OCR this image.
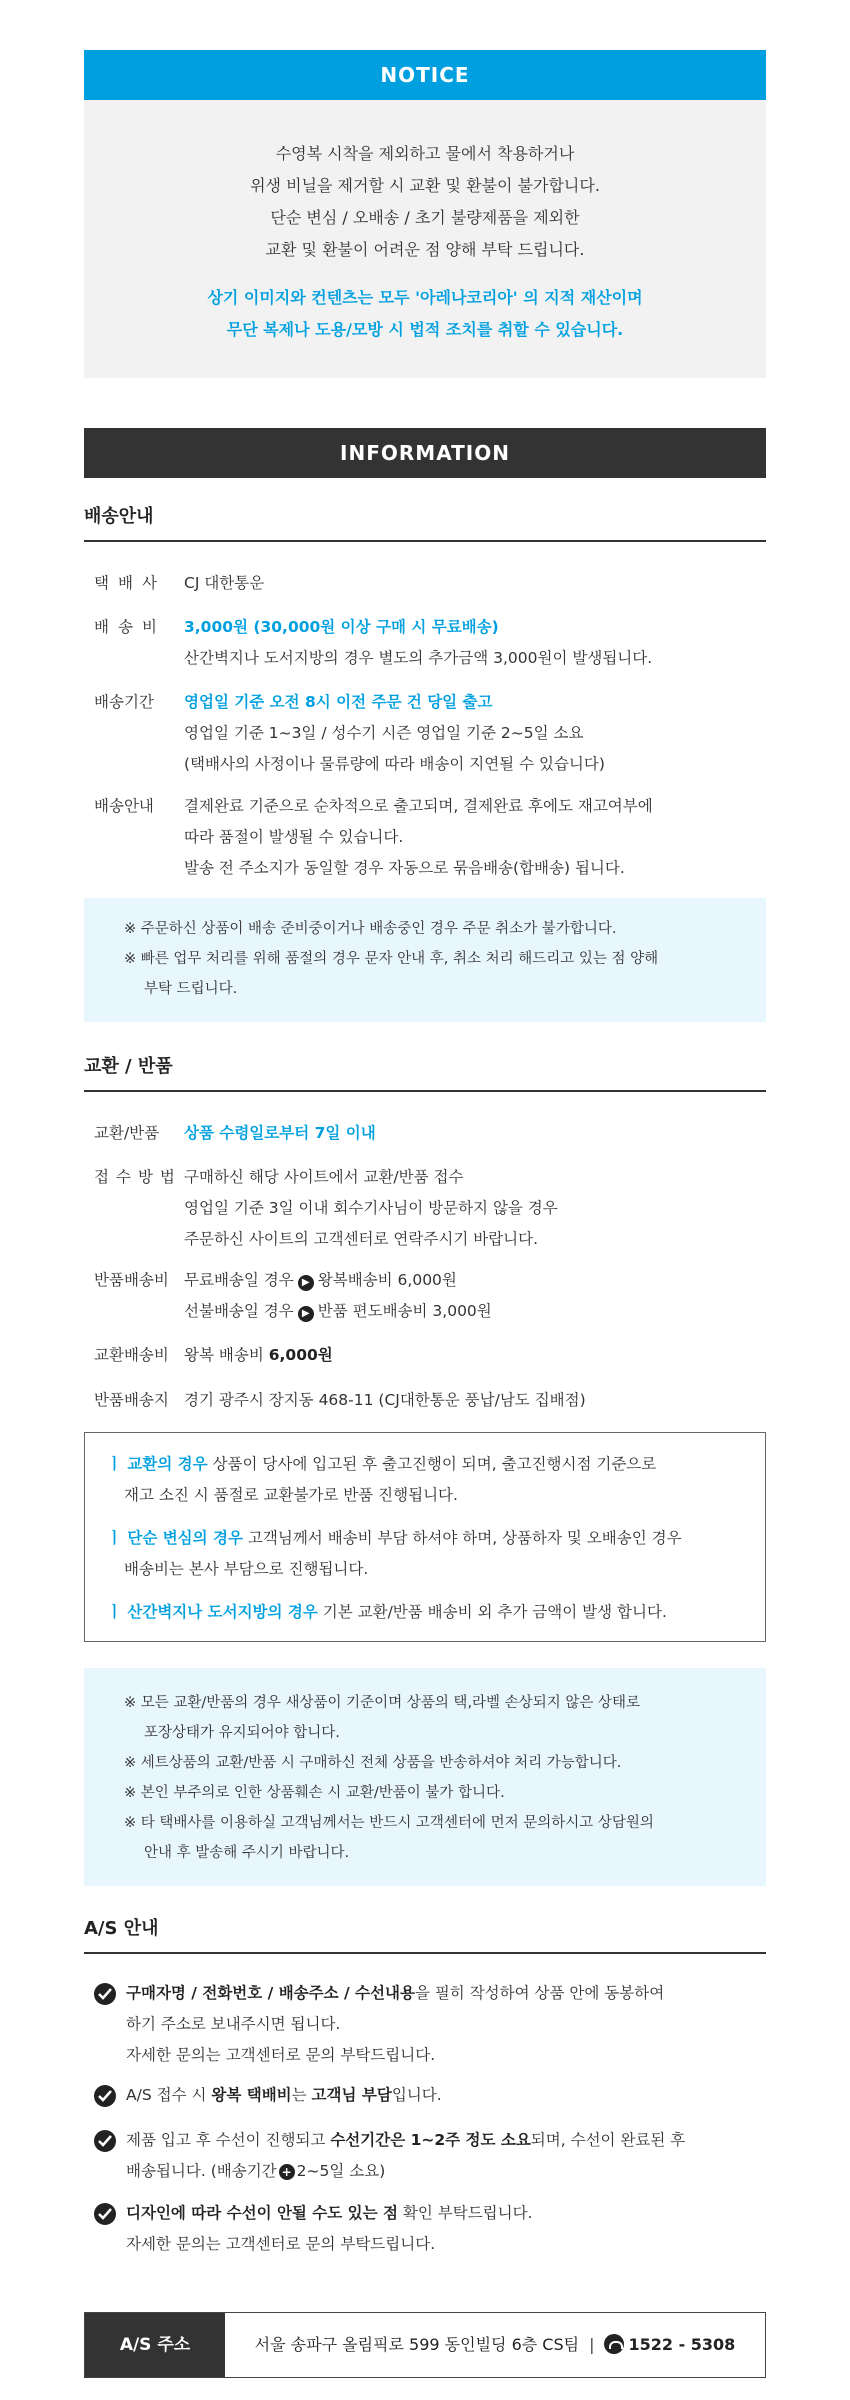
NOTICE

수영복 시착을 제외하고 물에서 착용하거나

위생 비닐을 제거할 시 교환 및 환불이 불가합니다.

단순 변심 / 오배송 / 초기 불량제품을 제외한

교환 및 환불이 어려운 점 양해 부탁 드립니다.

상기 이미지와 컨텐츠는 모두 '아레나코리아' 의 지적 재산이며

무단 복제나 도용/모방 시 법적 조치를 취할 수 있습니다.

INFORMATION
배송안내
택배사	CJ 대한통운
배송비	3,000원 (30,000원 이상 구매 시 무료배송)
산간벽지나 도서지방의 경우 별도의 추가금액 3,000원이 발생됩니다.
배송기간	영업일 기준 오전 8시 이전 주문 건 당일 출고
영업일 기준 1~3일 / 성수기 시즌 영업일 기준 2~5일 소요
(택배사의 사정이나 물류량에 따라 배송이 지연될 수 있습니다)
배송안내	결제완료 기준으로 순차적으로 출고되며, 결제완료 후에도 재고여부에
따라 품절이 발생될 수 있습니다.
발송 전 주소지가 동일할 경우 자동으로 묶음배송(합배송) 됩니다.
※ 주문하신 상품이 배송 준비중이거나 배송중인 경우 주문 취소가 불가합니다.
※ 빠른 업무 처리를 위해 품절의 경우 문자 안내 후, 취소 처리 해드리고 있는 점 양해
부탁 드립니다.
교환 / 반품
교환/반품	상품 수령일로부터 7일 이내
접수방법 구매하신 해당 사이트에서 교환/반품 접수
영업일 기준 3일 이내 회수기사님이 방문하지 않을 경우
주문하신 사이트의 고객센터로 연락주시기 바랍니다.
반품배송비 무료배송일 경우 ▶ 왕복배송비 6,000원
선불배송일 경우 ▶ 반품 편도배송비 3,000원
교환배송비 왕복 배송비 6,000원
반품배송지 경기 광주시 장지동 468-11 (CJ대한통운 풍납/남도 집배점)
ㅣ 교환의 경우 상품이 당사에 입고된 후 출고진행이 되며, 출고진행시점 기준으로
재고 소진 시 품절로 교환불가로 반품 진행됩니다.
ㅣ 단순 변심의 경우 고객님께서 배송비 부담 하셔야 하며, 상품하자 및 오배송인 경우
배송비는 본사 부담으로 진행됩니다.
ㅣ 산간벽지나 도서지방의 경우 기본 교환/반품 배송비 외 추가 금액이 발생 합니다.
※ 모든 교환/반품의 경우 새상품이 기준이며 상품의 택,라벨 손상되지 않은 상태로
포장상태가 유지되어야 합니다.
※ 세트상품의 교환/반품 시 구매하신 전체 상품을 반송하셔야 처리 가능합니다.
※ 본인 부주의로 인한 상품훼손 시 교환/반품이 불가 합니다.
※ 타 택배사를 이용하실 고객님께서는 반드시 고객센터에 먼저 문의하시고 상담원의
안내 후 발송해 주시기 바랍니다.
A/S 안내
구매자명 / 전화번호 / 배송주소 / 수선내용을 필히 작성하여 상품 안에 동봉하여
하기 주소로 보내주시면 됩니다.
자세한 문의는 고객센터로 문의 부탁드립니다.
A/S 접수 시 왕복 택배비는 고객님 부담입니다.
제품 입고 후 수선이 진행되고 수선기간은 1~2주 정도 소요되며, 수선이 완료된 후
배송됩니다. (배송기간 + 2~5일 소요)
디자인에 따라 수선이 안될 수도 있는 점 확인 부탁드립니다.
자세한 문의는 고객센터로 문의 부탁드립니다.
A/S 주소	서울 송파구 올림픽로 599 동인빌딩 6층 CS팀 | 1522 - 5308
